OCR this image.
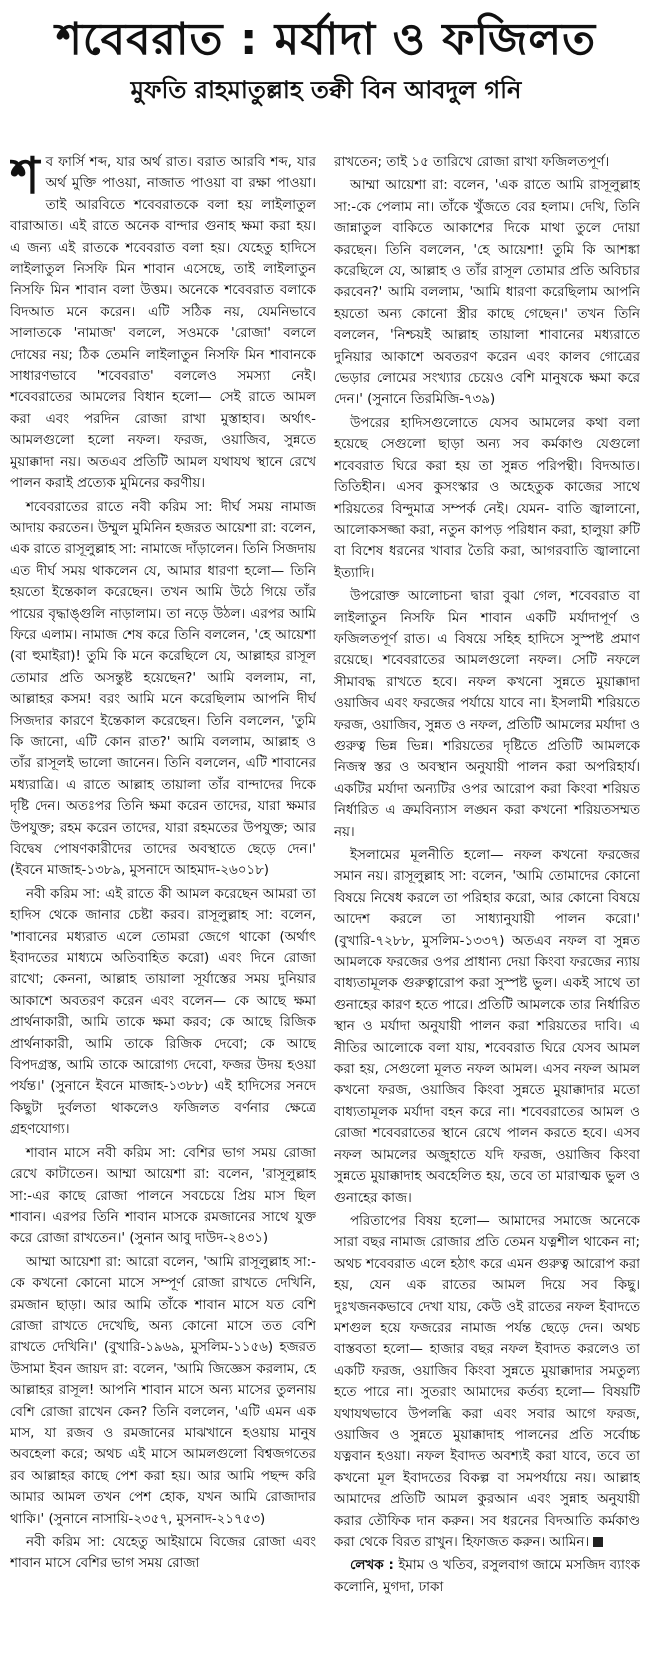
শবেবরাত : মর্যাদা ও ফজিলত
মুফতি রাহমাতুল্লাহ তক্বী বিন আবদুল গনি

শব ফার্সি শব্দ, যার অর্থ রাত। বরাত আরবি শব্দ, যার অর্থ মুক্তি পাওয়া, নাজাত পাওয়া বা রক্ষা পাওয়া। তাই আরবিতে শবেবরাতকে বলা হয় লাইলাতুল বারাআত। এই রাতে অনেক বান্দার গুনাহ ক্ষমা করা হয়। এ জন্য এই রাতকে শবেবরাত বলা হয়। যেহেতু হাদিসে লাইলাতুল নিসফি মিন শাবান এসেছে, তাই লাইলাতুন নিসফি মিন শাবান বলা উত্তম। অনেকে শবেবরাত বলাকে বিদআত মনে করেন। এটি সঠিক নয়, যেমনিভাবে সালাতকে 'নামাজ' বললে, সওমকে 'রোজা' বললে দোষের নয়; ঠিক তেমনি লাইলাতুন নিসফি মিন শাবানকে সাধারণভাবে 'শবেবরাত' বললেও সমস্যা নেই। শবেবরাতের আমলের বিধান হলো— সেই রাতে আমল করা এবং পরদিন রোজা রাখা মুস্তাহাব। অর্থাৎ- আমলগুলো হলো নফল। ফরজ, ওয়াজিব, সুন্নতে মুয়াক্কাদা নয়। অতএব প্রতিটি আমল যথাযথ স্থানে রেখে পালন করাই প্রত্যেক মুমিনের করণীয়।

শবেবরাতের রাতে নবী করিম সা: দীর্ঘ সময় নামাজ আদায় করতেন। উম্মুল মুমিনিন হজরত আয়েশা রা: বলেন, এক রাতে রাসূলুল্লাহ সা: নামাজে দাঁড়ালেন। তিনি সিজদায় এত দীর্ঘ সময় থাকলেন যে, আমার ধারণা হলো— তিনি হয়তো ইন্তেকাল করেছেন। তখন আমি উঠে গিয়ে তাঁর পায়ের বৃদ্ধাঙ্গুলি নাড়ালাম। তা নড়ে উঠল। এরপর আমি ফিরে এলাম। নামাজ শেষ করে তিনি বললেন, 'হে আয়েশা (বা হুমাইরা)! তুমি কি মনে করেছিলে যে, আল্লাহর রাসূল তোমার প্রতি অসন্তুষ্ট হয়েছেন?' আমি বললাম, না, আল্লাহর কসম! বরং আমি মনে করেছিলাম আপনি দীর্ঘ সিজদার কারণে ইন্তেকাল করেছেন। তিনি বললেন, 'তুমি কি জানো, এটি কোন রাত?' আমি বললাম, আল্লাহ ও তাঁর রাসূলই ভালো জানেন। তিনি বললেন, এটি শাবানের মধ্যরাত্রি। এ রাতে আল্লাহ তায়ালা তাঁর বান্দাদের দিকে দৃষ্টি দেন। অতঃপর তিনি ক্ষমা করেন তাদের, যারা ক্ষমার উপযুক্ত; রহম করেন তাদের, যারা রহমতের উপযুক্ত; আর বিদ্বেষ পোষণকারীদের তাদের অবস্থাতে ছেড়ে দেন।' (ইবনে মাজাহ-১৩৮৯, মুসনাদে আহমাদ-২৬০১৮)

নবী করিম সা: এই রাতে কী আমল করেছেন আমরা তা হাদিস থেকে জানার চেষ্টা করব। রাসূলুল্লাহ সা: বলেন, 'শাবানের মধ্যরাত এলে তোমরা জেগে থাকো (অর্থাৎ ইবাদতের মাধ্যমে অতিবাহিত করো) এবং দিনে রোজা রাখো; কেননা, আল্লাহ তায়ালা সূর্যাস্তের সময় দুনিয়ার আকাশে অবতরণ করেন এবং বলেন— কে আছে ক্ষমা প্রার্থনাকারী, আমি তাকে ক্ষমা করব; কে আছে রিজিক প্রার্থনাকারী, আমি তাকে রিজিক দেবো; কে আছে বিপদগ্রস্ত, আমি তাকে আরোগ্য দেবো, ফজর উদয় হওয়া পর্যন্ত।' (সুনানে ইবনে মাজাহ-১৩৮৮) এই হাদিসের সনদে কিছুটা দুর্বলতা থাকলেও ফজিলত বর্ণনার ক্ষেত্রে গ্রহণযোগ্য।

শাবান মাসে নবী করিম সা: বেশির ভাগ সময় রোজা রেখে কাটাতেন। আম্মা আয়েশা রা: বলেন, 'রাসূলুল্লাহ সা:-এর কাছে রোজা পালনে সবচেয়ে প্রিয় মাস ছিল শাবান। এরপর তিনি শাবান মাসকে রমজানের সাথে যুক্ত করে রোজা রাখতেন।' (সুনান আবু দাউদ-২৪৩১)

আম্মা আয়েশা রা: আরো বলেন, 'আমি রাসূলুল্লাহ সা:-কে কখনো কোনো মাসে সম্পূর্ণ রোজা রাখতে দেখিনি, রমজান ছাড়া। আর আমি তাঁকে শাবান মাসে যত বেশি রোজা রাখতে দেখেছি, অন্য কোনো মাসে তত বেশি রাখতে দেখিনি।' (বুখারি-১৯৬৯, মুসলিম-১১৫৬) হজরত উসামা ইবন জায়দ রা: বলেন, 'আমি জিজ্ঞেস করলাম, হে আল্লাহর রাসূল! আপনি শাবান মাসে অন্য মাসের তুলনায় বেশি রোজা রাখেন কেন? তিনি বললেন, 'এটি এমন এক মাস, যা রজব ও রমজানের মাঝখানে হওয়ায় মানুষ অবহেলা করে; অথচ এই মাসে আমলগুলো বিশ্বজগতের রব আল্লাহর কাছে পেশ করা হয়। আর আমি পছন্দ করি আমার আমল তখন পেশ হোক, যখন আমি রোজাদার থাকি।' (সুনানে নাসায়ি-২৩৫৭, মুসনাদ-২১৭৫৩)

নবী করিম সা: যেহেতু আইয়ামে বিজের রোজা এবং শাবান মাসে বেশির ভাগ সময় রোজা

রাখতেন; তাই ১৫ তারিখে রোজা রাখা ফজিলতপূর্ণ।

আম্মা আয়েশা রা: বলেন, 'এক রাতে আমি রাসূলুল্লাহ সা:-কে পেলাম না। তাঁকে খুঁজতে বের হলাম। দেখি, তিনি জান্নাতুল বাকিতে আকাশের দিকে মাথা তুলে দোয়া করছেন। তিনি বললেন, 'হে আয়েশা! তুমি কি আশঙ্কা করেছিলে যে, আল্লাহ ও তাঁর রাসূল তোমার প্রতি অবিচার করবেন?' আমি বললাম, 'আমি ধারণা করেছিলাম আপনি হয়তো অন্য কোনো স্ত্রীর কাছে গেছেন।' তখন তিনি বললেন, 'নিশ্চয়ই আল্লাহ তায়ালা শাবানের মধ্যরাতে দুনিয়ার আকাশে অবতরণ করেন এবং কালব গোত্রের ভেড়ার লোমের সংখ্যার চেয়েও বেশি মানুষকে ক্ষমা করে দেন।' (সুনানে তিরমিজি-৭৩৯)

উপরের হাদিসগুলোতে যেসব আমলের কথা বলা হয়েছে সেগুলো ছাড়া অন্য সব কর্মকাণ্ড যেগুলো শবেবরাত ঘিরে করা হয় তা সুন্নত পরিপন্থী। বিদআত। তিতিহীন। এসব কুসংস্কার ও অহেতুক কাজের সাথে শরিয়তের বিন্দুমাত্র সম্পর্ক নেই। যেমন- বাতি জ্বালানো, আলোকসজ্জা করা, নতুন কাপড় পরিধান করা, হালুয়া রুটি বা বিশেষ ধরনের খাবার তৈরি করা, আগরবাতি জ্বালানো ইত্যাদি।

উপরোক্ত আলোচনা দ্বারা বুঝা গেল, শবেবরাত বা লাইলাতুন নিসফি মিন শাবান একটি মর্যাদাপূর্ণ ও ফজিলতপূর্ণ রাত। এ বিষয়ে সহিহ হাদিসে সুস্পষ্ট প্রমাণ রয়েছে। শবেবরাতের আমলগুলো নফল। সেটি নফলে সীমাবদ্ধ রাখতে হবে। নফল কখনো সুন্নতে মুয়াক্কাদা ওয়াজিব এবং ফরজের পর্যায়ে যাবে না। ইসলামী শরিয়তে ফরজ, ওয়াজিব, সুন্নত ও নফল, প্রতিটি আমলের মর্যাদা ও গুরুত্ব ভিন্ন ভিন্ন। শরিয়তের দৃষ্টিতে প্রতিটি আমলকে নিজস্ব স্তর ও অবস্থান অনুযায়ী পালন করা অপরিহার্য। একটির মর্যাদা অন্যটির ওপর আরোপ করা কিংবা শরিয়ত নির্ধারিত এ ক্রমবিন্যাস লঙ্ঘন করা কখনো শরিয়তসম্মত নয়।

ইসলামের মূলনীতি হলো— নফল কখনো ফরজের সমান নয়। রাসূলুল্লাহ সা: বলেন, 'আমি তোমাদের কোনো বিষয়ে নিষেধ করলে তা পরিহার করো, আর কোনো বিষয়ে আদেশ করলে তা সাধ্যানুযায়ী পালন করো।' (বুখারি-৭২৮৮, মুসলিম-১৩৩৭) অতএব নফল বা সুন্নত আমলকে ফরজের ওপর প্রাধান্য দেয়া কিংবা ফরজের ন্যায় বাধ্যতামূলক গুরুত্বারোপ করা সুস্পষ্ট ভুল। একই সাথে তা গুনাহের কারণ হতে পারে। প্রতিটি আমলকে তার নির্ধারিত স্থান ও মর্যাদা অনুযায়ী পালন করা শরিয়তের দাবি। এ নীতির আলোকে বলা যায়, শবেবরাত ঘিরে যেসব আমল করা হয়, সেগুলো মূলত নফল আমল। এসব নফল আমল কখনো ফরজ, ওয়াজিব কিংবা সুন্নতে মুয়াক্কাদার মতো বাধ্যতামূলক মর্যাদা বহন করে না। শবেবরাতের আমল ও রোজা শবেবরাতের স্থানে রেখে পালন করতে হবে। এসব নফল আমলের অজুহাতে যদি ফরজ, ওয়াজিব কিংবা সুন্নতে মুয়াক্কাদাহ অবহেলিত হয়, তবে তা মারাত্মক ভুল ও গুনাহের কাজ।

পরিতাপের বিষয় হলো— আমাদের সমাজে অনেকে সারা বছর নামাজ রোজার প্রতি তেমন যত্নশীল থাকেন না; অথচ শবেবরাত এলে হঠাৎ করে এমন গুরুত্ব আরোপ করা হয়, যেন এক রাতের আমল দিয়ে সব কিছু। দুঃখজনকভাবে দেখা যায়, কেউ ওই রাতের নফল ইবাদতে মশগুল হয়ে ফজরের নামাজ পর্যন্ত ছেড়ে দেন। অথচ বাস্তবতা হলো— হাজার বছর নফল ইবাদত করলেও তা একটি ফরজ, ওয়াজিব কিংবা সুন্নতে মুয়াক্কাদার সমতুল্য হতে পারে না। সুতরাং আমাদের কর্তব্য হলো— বিষয়টি যথাযথভাবে উপলব্ধি করা এবং সবার আগে ফরজ, ওয়াজিব ও সুন্নতে মুয়াক্কাদাহ পালনের প্রতি সর্বোচ্চ যত্নবান হওয়া। নফল ইবাদত অবশ্যই করা যাবে, তবে তা কখনো মূল ইবাদতের বিকল্প বা সমপর্যায়ে নয়। আল্লাহ আমাদের প্রতিটি আমল কুরআন এবং সুন্নাহ অনুযায়ী করার তৌফিক দান করুন। সব ধরনের বিদআতি কর্মকাণ্ড করা থেকে বিরত রাখুন। হিফাজত করুন। আমিন।

লেখক : ইমাম ও খতিব, রসুলবাগ জামে মসজিদ ব্যাংক কলোনি, মুগদা, ঢাকা
